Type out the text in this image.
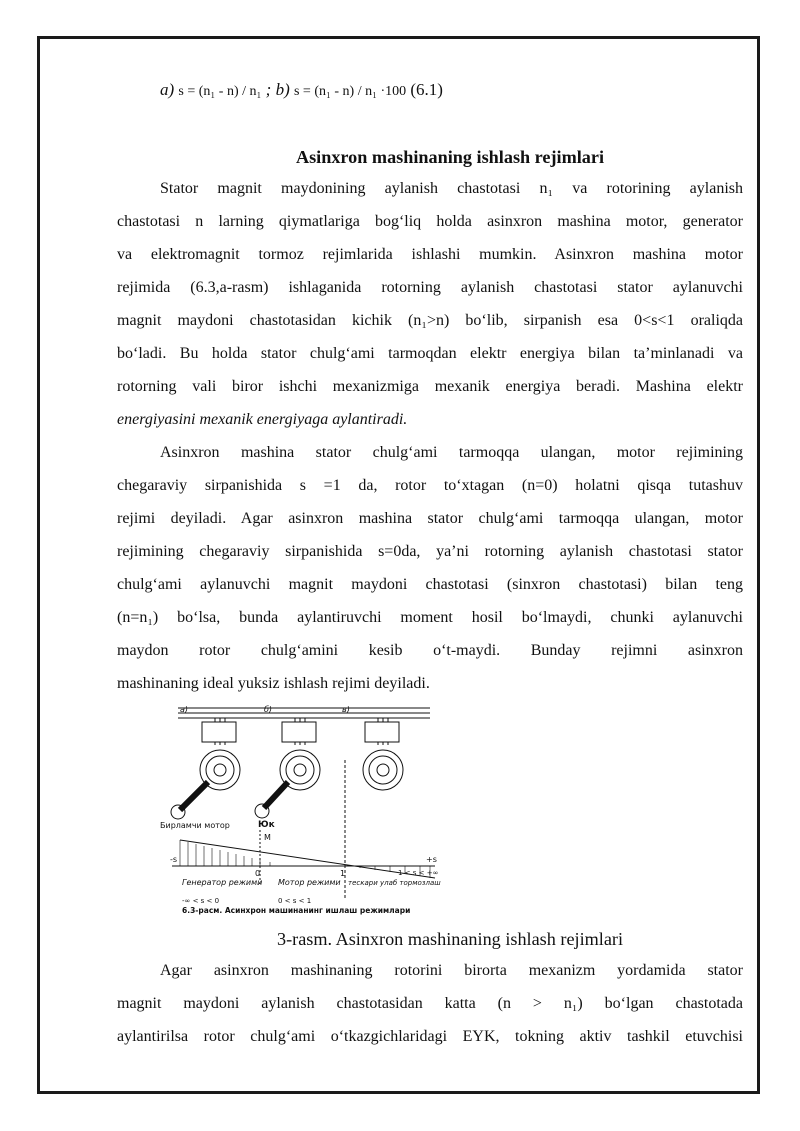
a) s = (n₁ - n) / n₁ ; b) s = (n₁ - n) / n₁ ·100 (6.1)
Asinxron mashinaning ishlash rejimlari
Stator magnit maydonining aylanish chastotasi n₁ va rotorining aylanish
chastotasi n larning qiymatlariga bog‘liq holda asinxron mashina motor, generator
va elektromagnit tormoz rejimlarida ishlashi mumkin. Asinxron mashina motor
rejimida (6.3,a-rasm) ishlaganida rotorning aylanish chastotasi stator aylanuvchi
magnit maydoni chastotasidan kichik (n₁>n) bo‘lib, sirpanish esa 0<s<1 oraliqda
bo‘ladi. Bu holda stator chulg‘ami tarmoqdan elektr energiya bilan ta’minlanadi va
rotorning vali biror ishchi mexanizmiga mexanik energiya beradi. Mashina elektr
energiyasini mexanik energiyaga aylantiradi.
Asinxron mashina stator chulg‘ami tarmoqqa ulangan, motor rejimining
chegaraviy sirpanishida s =1 da, rotor to‘xtagan (n=0) holatni qisqa tutashuv
rejimi deyiladi. Agar asinxron mashina stator chulg‘ami tarmoqqa ulangan, motor
rejimining chegaraviy sirpanishida s=0da, ya’ni rotorning aylanish chastotasi stator
chulg‘ami aylanuvchi magnit maydoni chastotasi (sinxron chastotasi) bilan teng
(n=n₁) bo‘lsa, bunda aylantiruvchi moment hosil bo‘lmaydi, chunki aylanuvchi
maydon rotor chulg‘amini kesib o‘t-maydi. Bunday rejimni asinxron
mashinaning ideal yuksiz ishlash rejimi deyiladi.
a)	б)	в)
Бирламчи мотор	Юк
-s	+s
M
0	1
Генератор режими
-∞ < s < 0
Мотор режими
0 < s < 1
тескари улаб тормозлаш
1 < s < +∞
6.3-расм. Асинхрон машинанинг ишлаш режимлари
3-rasm. Asinxron mashinaning ishlash rejimlari
Agar asinxron mashinaning rotorini birorta mexanizm yordamida stator
magnit maydoni aylanish chastotasidan katta (n > n₁) bo‘lgan chastotada
aylantirilsa rotor chulg‘ami o‘tkazgichlaridagi EYK, tokning aktiv tashkil etuvchisi
